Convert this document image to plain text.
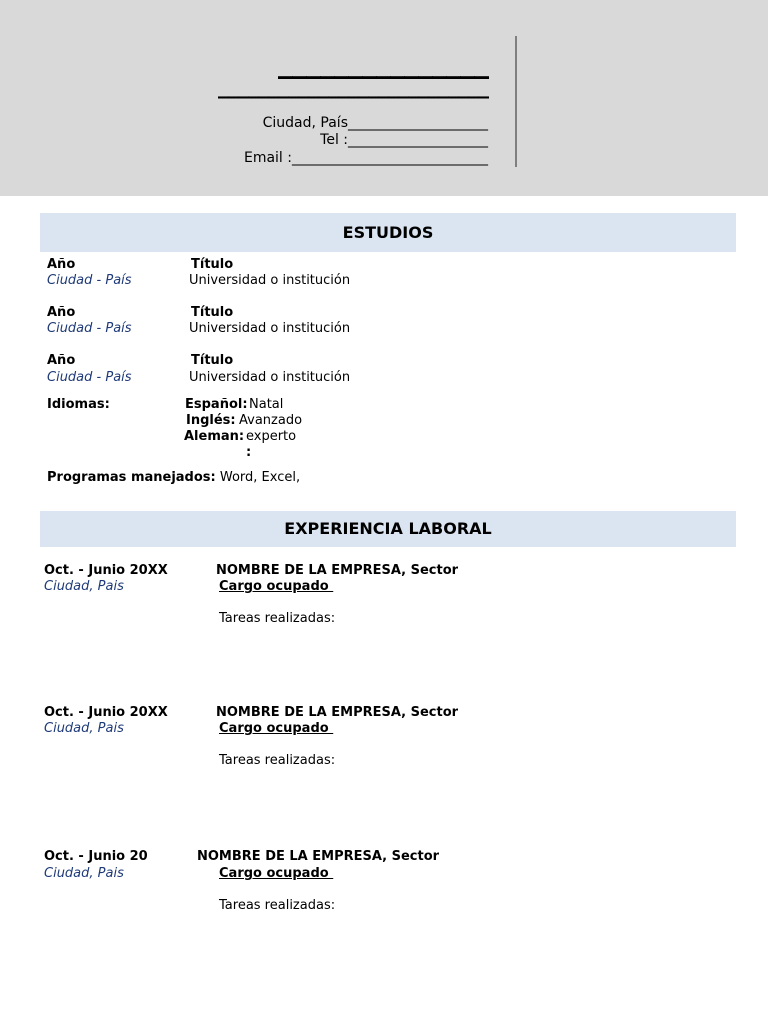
_______________
___________________________
Ciudad, País____________________
Tel :____________________
Email :____________________________
ESTUDIOS
Año
Ciudad - País
Título
Universidad o institución
Año
Ciudad - País
Título
Universidad o institución
Año
Ciudad - País
Título
Universidad o institución
Idiomas:	Español: Natal
Inglés: Avanzado
Aleman: experto
:
Programas manejados: Word, Excel,
EXPERIENCIA LABORAL
Oct. - Junio 20XX
Ciudad, Pais
NOMBRE DE LA EMPRESA, Sector
Cargo ocupado
Tareas realizadas:
Oct. - Junio 20XX
Ciudad, Pais
NOMBRE DE LA EMPRESA, Sector
Cargo ocupado
Tareas realizadas:
Oct. - Junio 20
Ciudad, Pais
NOMBRE DE LA EMPRESA, Sector
Cargo ocupado
Tareas realizadas:
